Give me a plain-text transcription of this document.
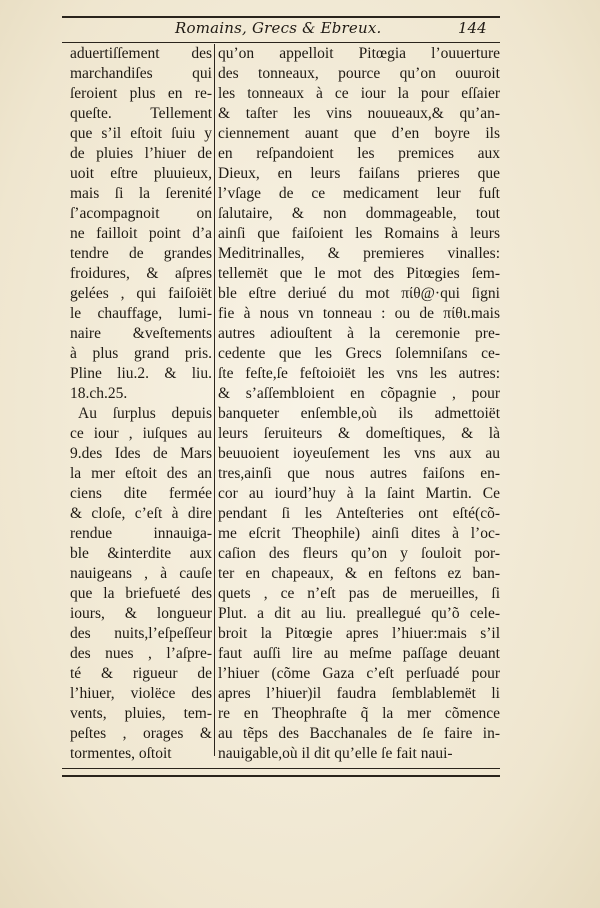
Romains, Grecs & Ebreux.	144
aduertiſſement des
marchandiſes qui
ſeroient plus en re-
queſte. Tellement
que s’il eſtoit ſuiu y
de pluies l’hiuer de
uoit eſtre pluuieux,
mais ſi la ſerenité
ſ’acompagnoit on
ne failloit point d’a
tendre de grandes
froidures, & aſpres
gelées , qui faiſoiët
le chauffage, lumi-
naire &veſtements
à plus grand pris.
Pline liu.2. & liu.
18.ch.25.
Au ſurplus depuis
ce iour , iuſques au
9.des Ides de Mars
la mer eſtoit des an
ciens dite fermée
& cloſe, c’eſt à dire
rendue innauiga-
ble &interdite aux
nauigeans , à cauſe
que la briefueté des
iours, & longueur
des nuits,l’eſpeſſeur
des nues , l’aſpre-
té & rigueur de
l’hiuer, violëce des
vents, pluies, tem-
peſtes , orages &
tormentes, oſtoit
qu’on appelloit Pitœgia l’ouuerture
des tonneaux, pource qu’on ouuroit
les tonneaux à ce iour la pour eſſaier
& taſter les vins nouueaux,& qu’an-
ciennement auant que d’en boyre ils
en reſpandoient les premices aux
Dieux, en leurs faiſans prieres que
l’vſage de ce medicament leur fuſt
ſalutaire, & non dommageable, tout
ainſi que faiſoient les Romains à leurs
Meditrinalles, & premieres vinalles:
tellemët que le mot des Pitœgies ſem-
ble eſtre deriué du mot πίθ@·qui ſigni
fie à nous vn tonneau : ou de πίθι.mais
autres adiouſtent à la ceremonie pre-
cedente que les Grecs ſolemniſans ce-
ſte feſte,ſe feſtoioiët les vns les autres:
& s’aſſembloient en cõpagnie , pour
banqueter enſemble,où ils admettoiët
leurs ſeruiteurs & domeſtiques, & là
beuuoient ioyeuſement les vns aux au
tres,ainſi que nous autres faiſons en-
cor au iourd’huy à la ſaint Martin. Ce
pendant ſi les Anteſteries ont eſté(cõ-
me eſcrit Theophile) ainſi dites à l’oc-
caſion des fleurs qu’on y ſouloit por-
ter en chapeaux, & en feſtons ez ban-
quets , ce n’eſt pas de merueilles, ſi
Plut. a dit au liu. preallegué qu’õ cele-
broit la Pitœgie apres l’hiuer:mais s’il
faut auſſi lire au meſme paſſage deuant
l’hiuer (cõme Gaza c’eſt perſuadé pour
apres l’hiuer)il faudra ſemblablemët li
re en Theophraſte q̃ la mer cõmence
au tẽps des Bacchanales de ſe faire in-
nauigable,où il dit qu’elle ſe fait naui-
